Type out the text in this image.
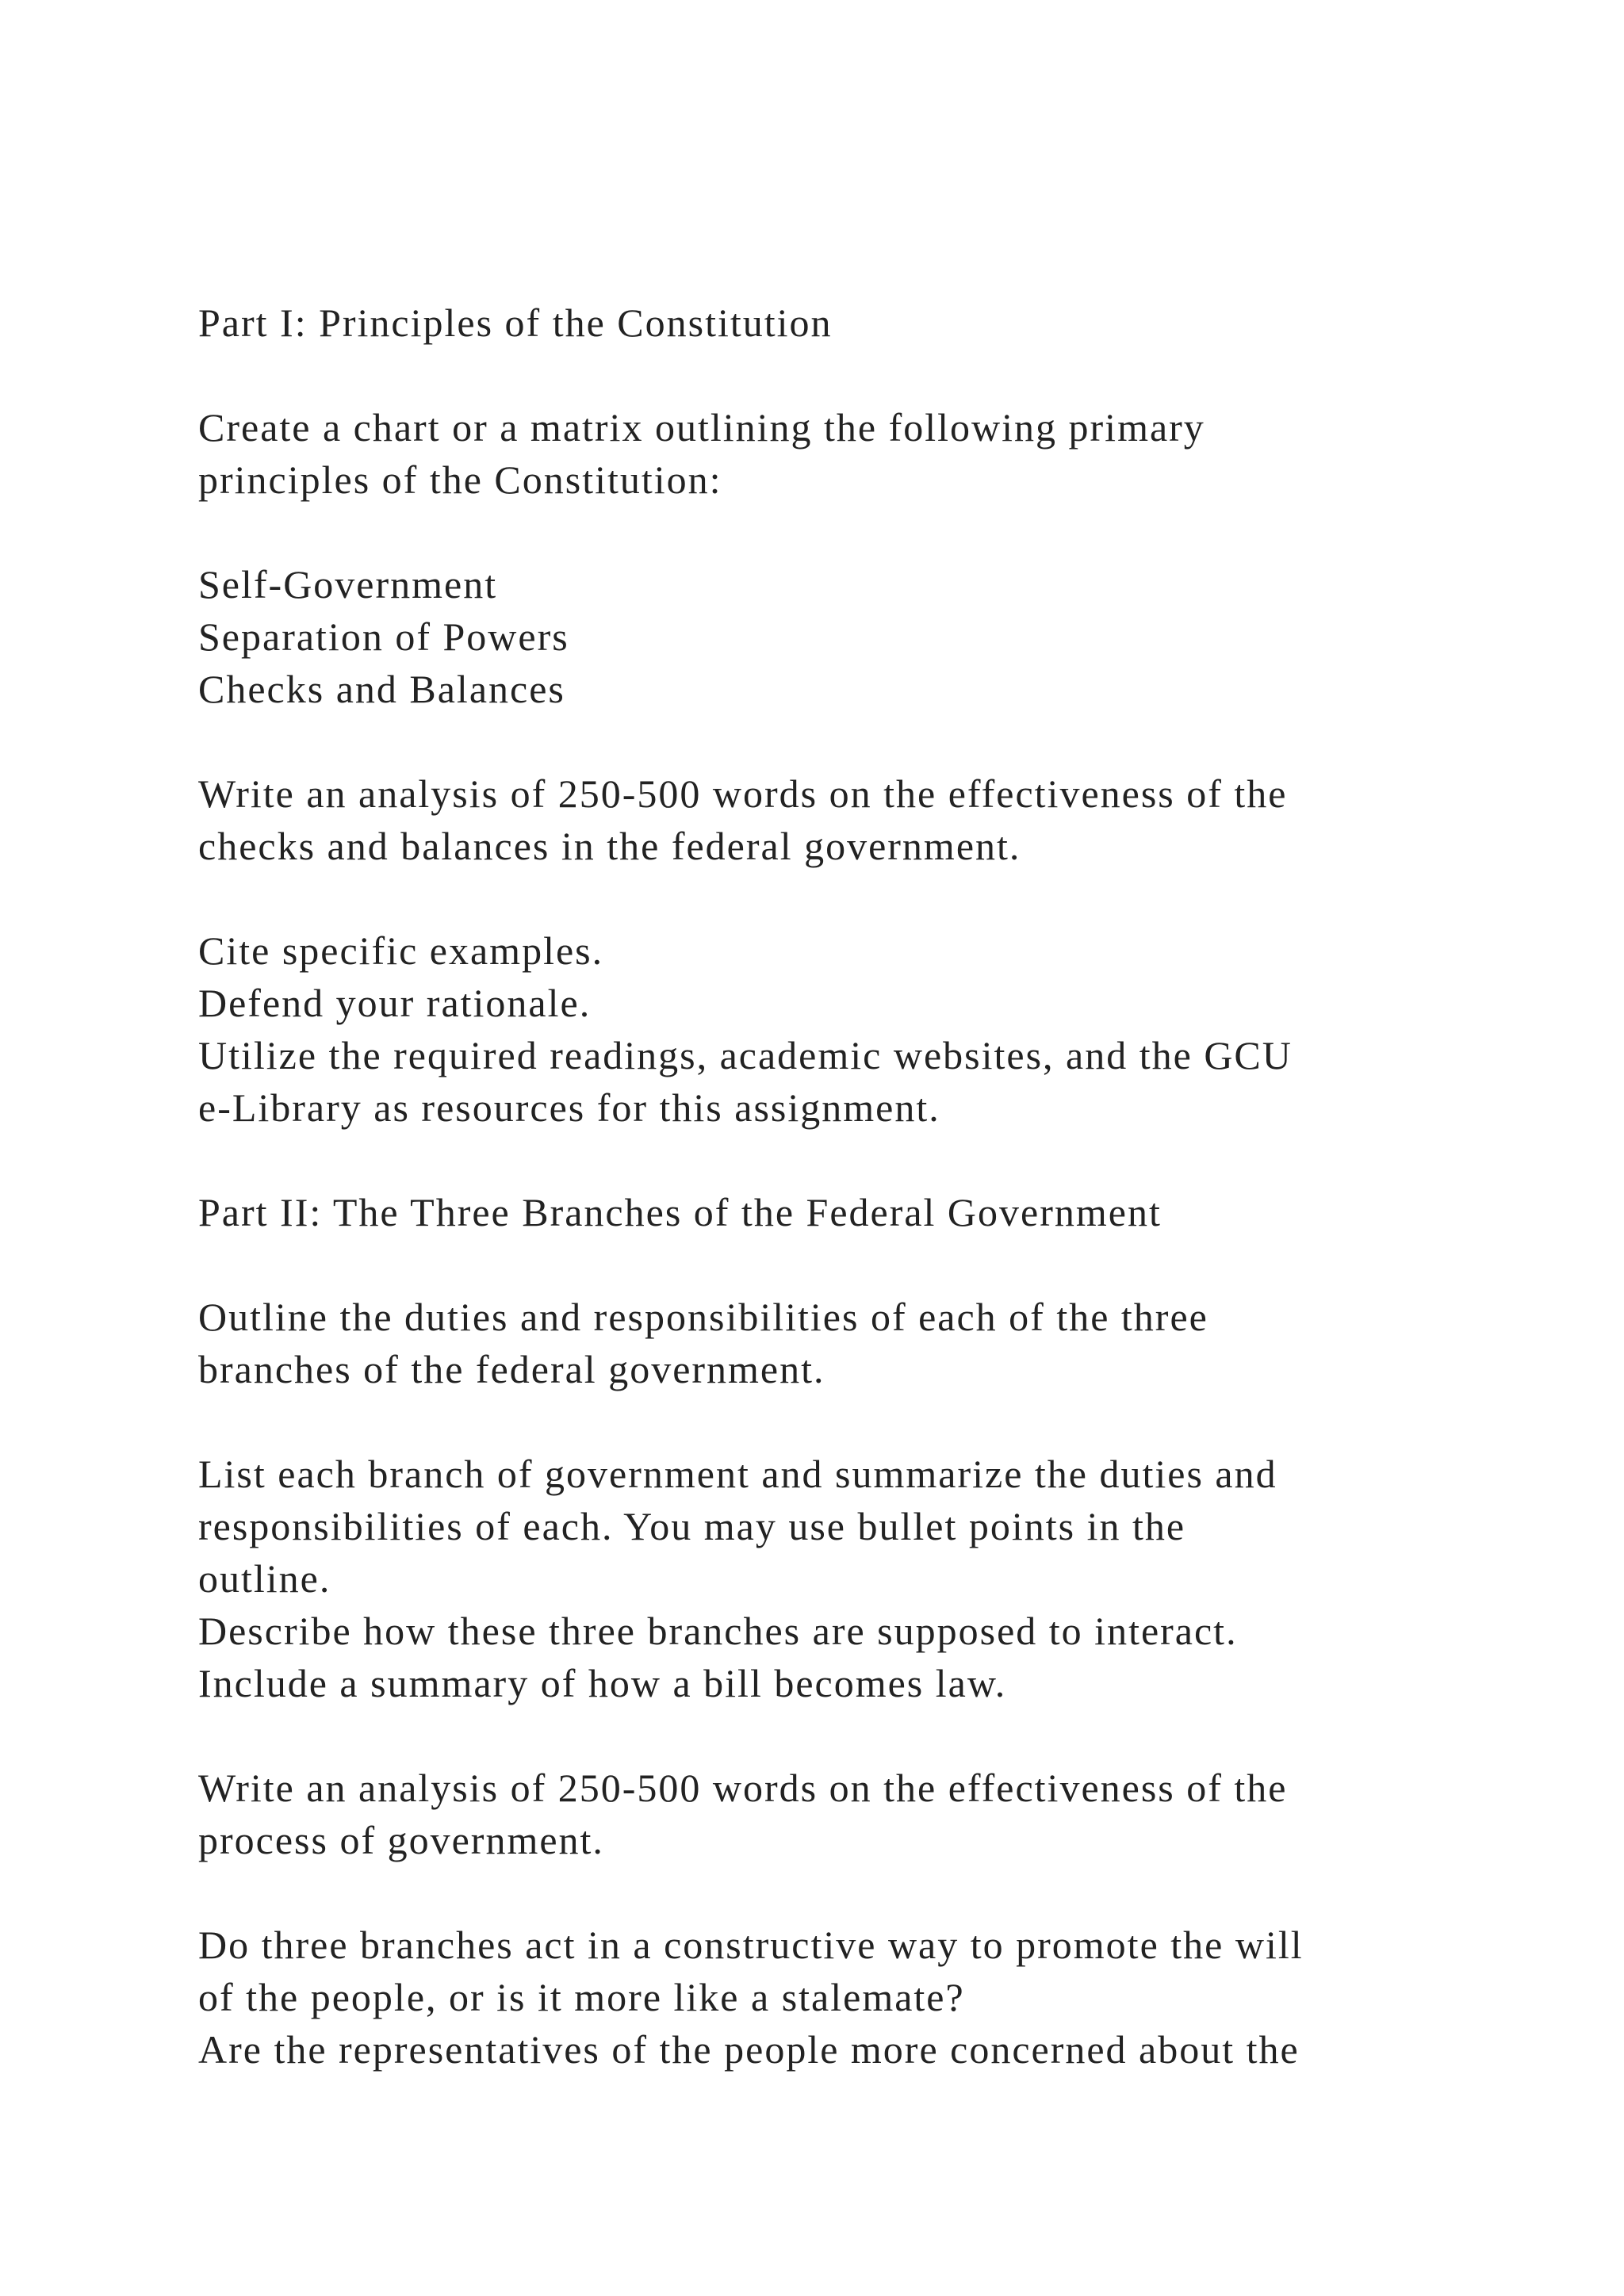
Part I: Principles of the Constitution
Create a chart or a matrix outlining the following primary
principles of the Constitution:
Self-Government
Separation of Powers
Checks and Balances
Write an analysis of 250-500 words on the effectiveness of the
checks and balances in the federal government.
Cite specific examples.
Defend your rationale.
Utilize the required readings, academic websites, and the GCU
e-Library as resources for this assignment.
Part II: The Three Branches of the Federal Government
Outline the duties and responsibilities of each of the three
branches of the federal government.
List each branch of government and summarize the duties and
responsibilities of each. You may use bullet points in the
outline.
Describe how these three branches are supposed to interact.
Include a summary of how a bill becomes law.
Write an analysis of 250-500 words on the effectiveness of the
process of government.
Do three branches act in a constructive way to promote the will
of the people, or is it more like a stalemate?
Are the representatives of the people more concerned about the
